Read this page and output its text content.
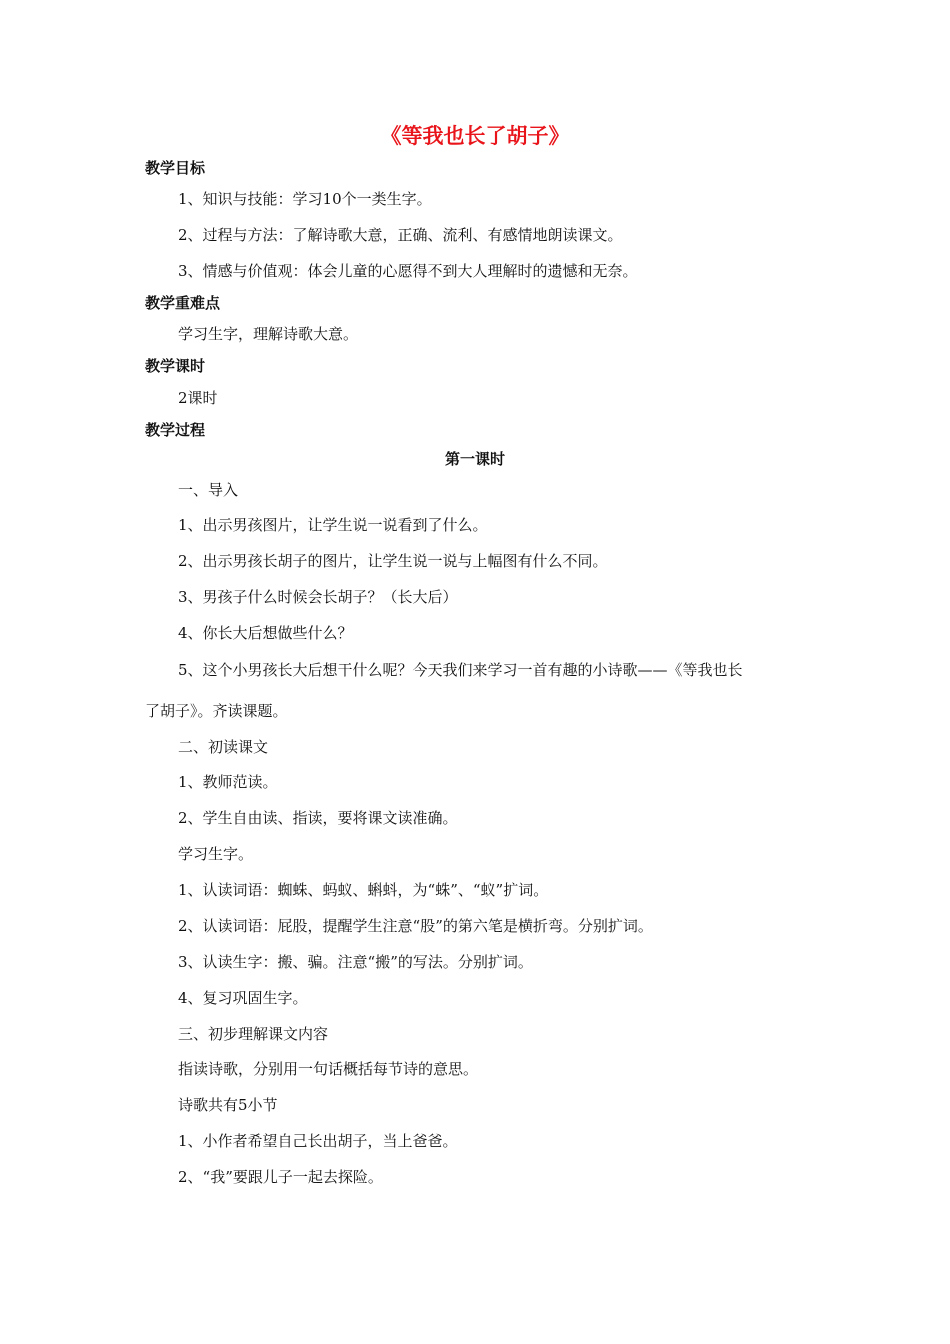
《等我也长了胡子》
教学目标
1、知识与技能：学习10个一类生字。
2、过程与方法：了解诗歌大意，正确、流利、有感情地朗读课文。
3、情感与价值观：体会儿童的心愿得不到大人理解时的遗憾和无奈。
教学重难点
学习生字，理解诗歌大意。
教学课时
2课时
教学过程
第一课时
一、导入
1、出示男孩图片，让学生说一说看到了什么。
2、出示男孩长胡子的图片，让学生说一说与上幅图有什么不同。
3、男孩子什么时候会长胡子？（长大后）
4、你长大后想做些什么？
5、这个小男孩长大后想干什么呢？今天我们来学习一首有趣的小诗歌——《等我也长
了胡子》。齐读课题。
二、初读课文
1、教师范读。
2、学生自由读、指读，要将课文读准确。
学习生字。
1、认读词语：蜘蛛、蚂蚁、蝌蚪，为“蛛”、“蚁”扩词。
2、认读词语：屁股，提醒学生注意“股”的第六笔是横折弯。分别扩词。
3、认读生字：搬、骗。注意“搬”的写法。分别扩词。
4、复习巩固生字。
三、初步理解课文内容
指读诗歌，分别用一句话概括每节诗的意思。
诗歌共有5小节
1、小作者希望自己长出胡子，当上爸爸。
2、“我”要跟儿子一起去探险。
